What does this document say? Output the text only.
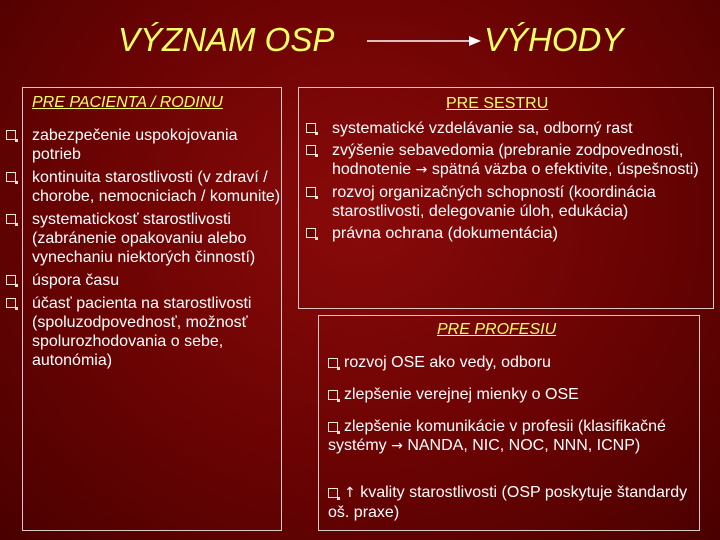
VÝZNAM OSP	VÝHODY
PRE PACIENTA / RODINU	PRE SESTRU
PRE PROFESIU
zabezpečenie uspokojovania potrieb
kontinuita starostlivosti (v zdraví / chorobe, nemocniciach / komunite)
systematickosť starostlivosti (zabránenie opakovaniu alebo vynechaniu niektorých činností)
úspora času
účasť pacienta na starostlivosti (spoluzodpovednosť, možnosť spolurozhodovania o sebe, autonómia)
systematické vzdelávanie sa, odborný rast
zvýšenie sebavedomia (prebranie zodpovednosti, hodnotenie → spätná väzba o efektivite, úspešnosti)
rozvoj organizačných schopností (koordinácia starostlivosti, delegovanie úloh, edukácia)
právna ochrana (dokumentácia)
rozvoj OSE ako vedy, odboru
zlepšenie verejnej mienky o OSE
zlepšenie komunikácie v profesii (klasifikačné systémy → NANDA, NIC, NOC, NNN, ICNP)
↑ kvality starostlivosti (OSP poskytuje štandardy oš. praxe)
